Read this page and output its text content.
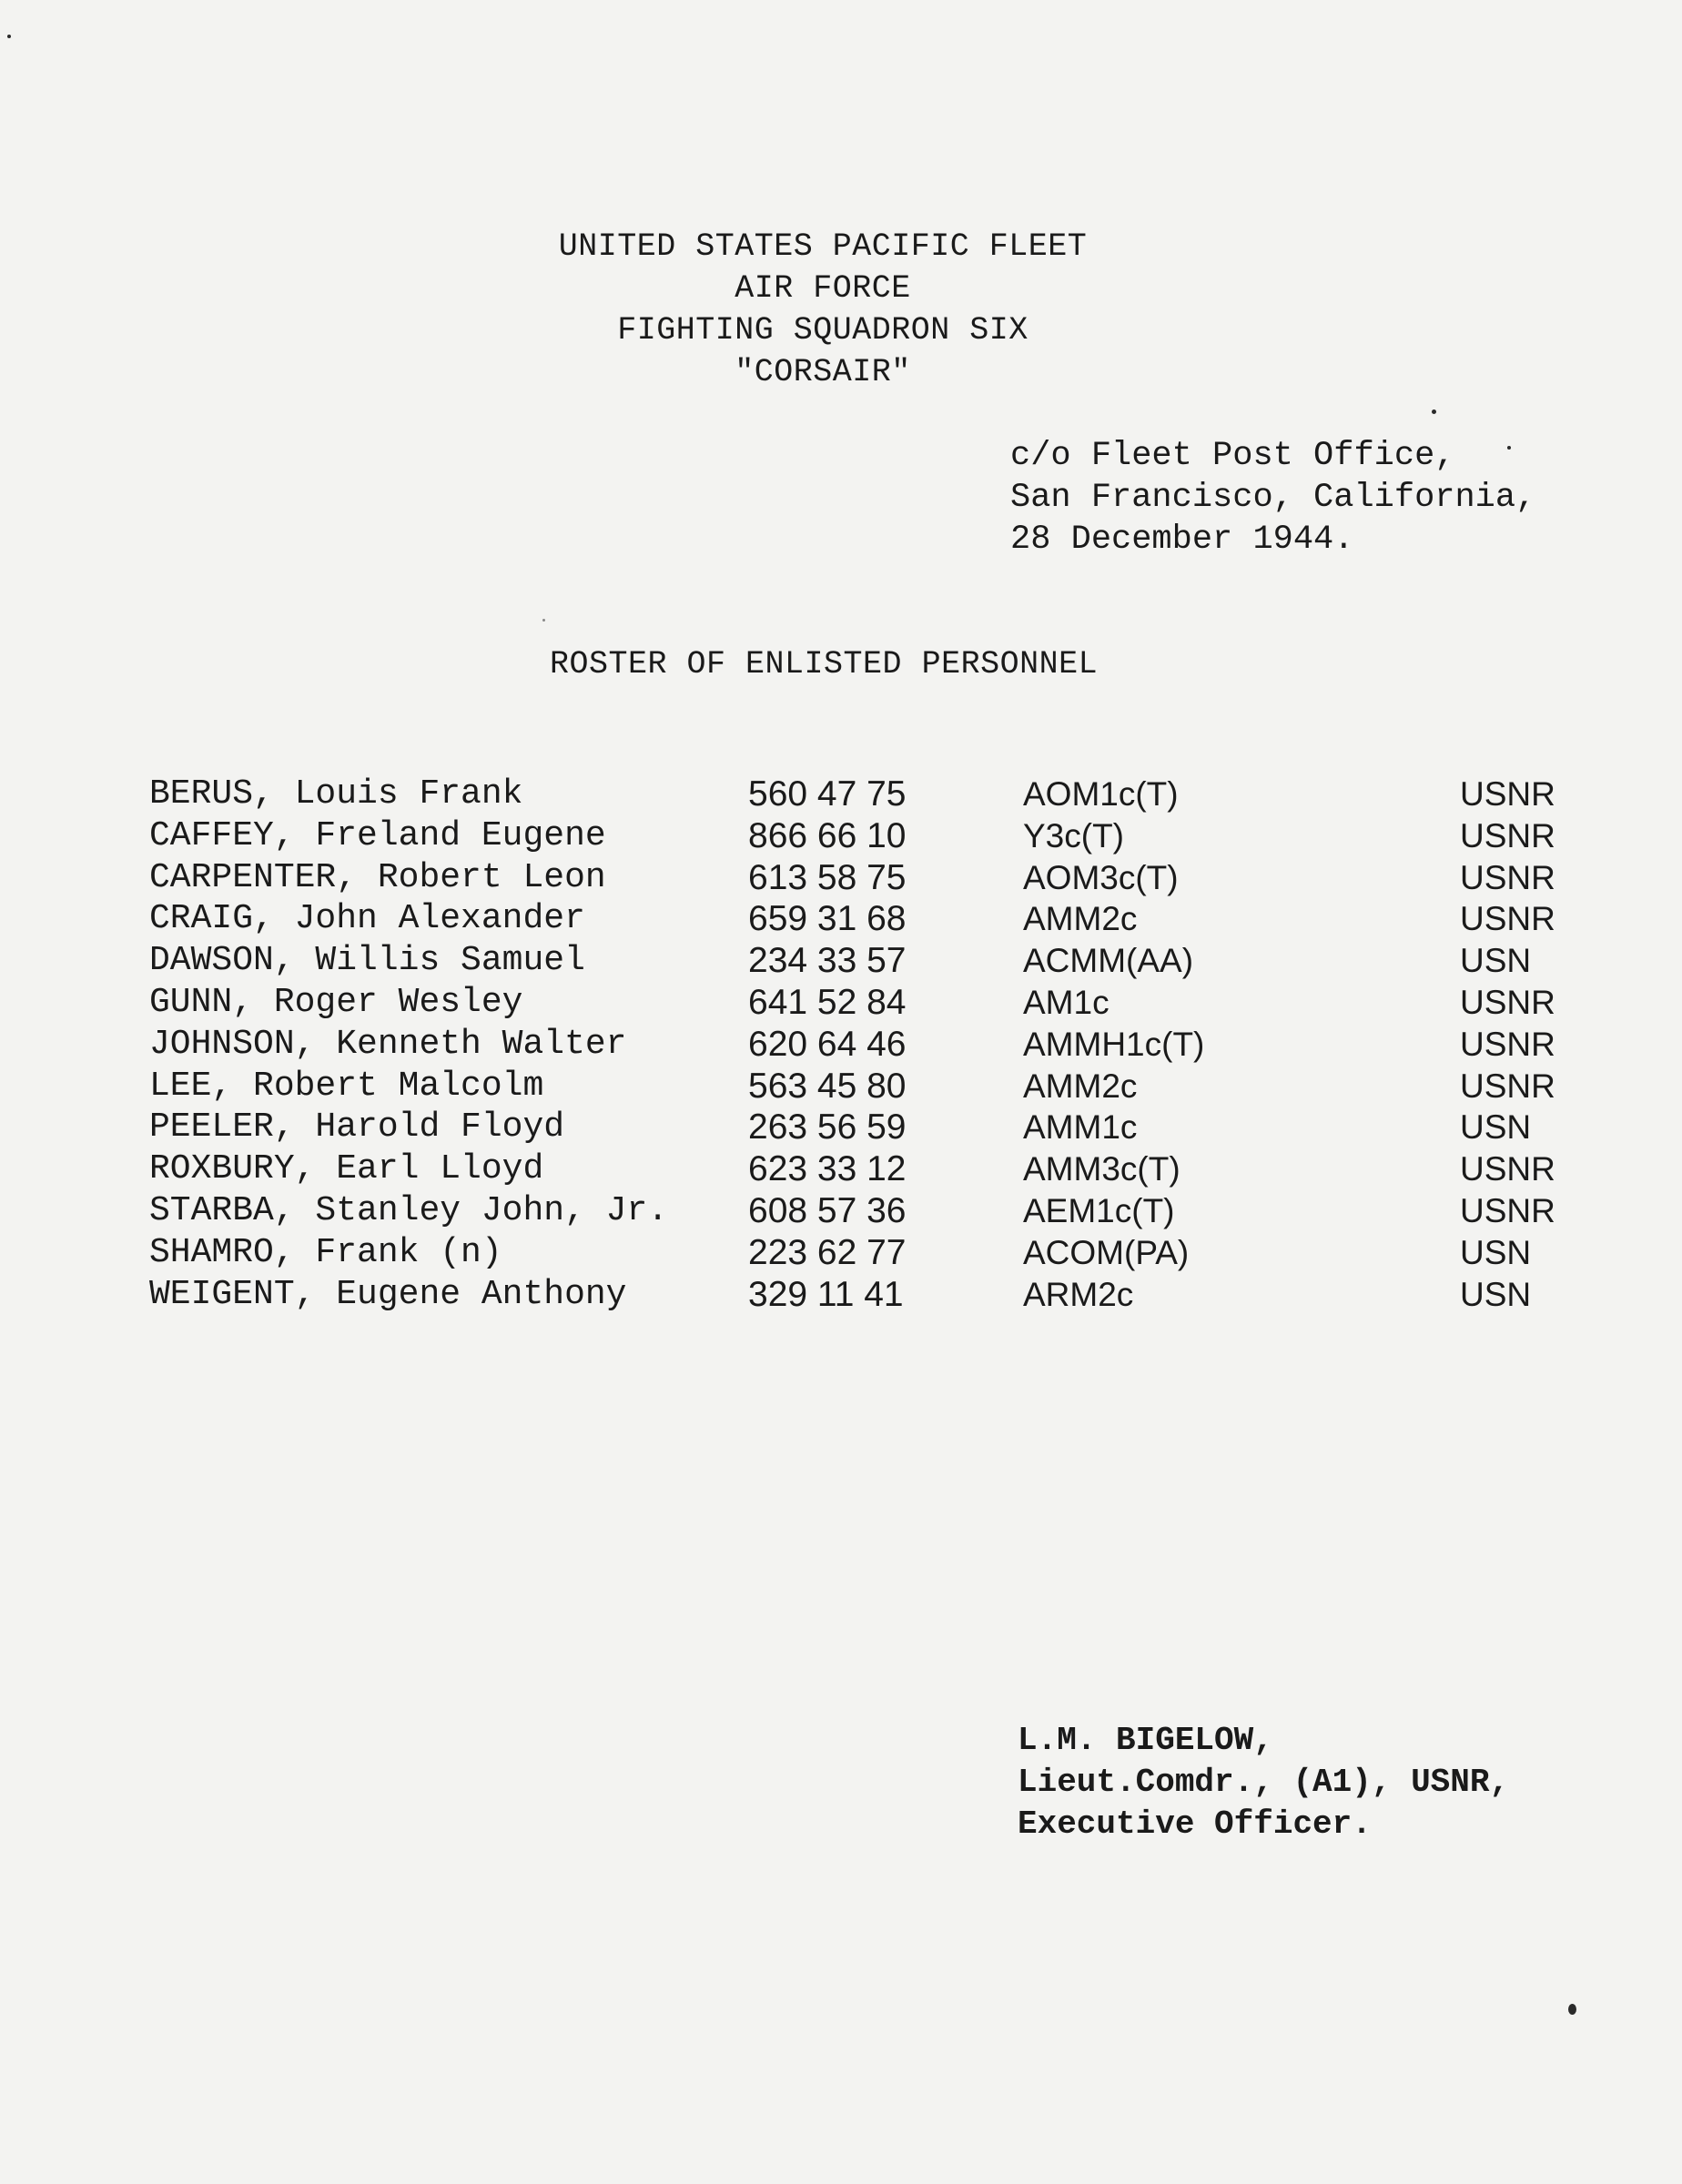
UNITED STATES PACIFIC FLEET
AIR FORCE
FIGHTING SQUADRON SIX
"CORSAIR"
c/o Fleet Post Office,
San Francisco, California,
28 December 1944.
ROSTER OF ENLISTED PERSONNEL
BERUS, Louis Frank	560 47 75	AOM1c(T)	USNR
CAFFEY, Freland Eugene	866 66 10	Y3c(T)	USNR
CARPENTER, Robert Leon	613 58 75	AOM3c(T)	USNR
CRAIG, John Alexander	659 31 68	AMM2c	USNR
DAWSON, Willis Samuel	234 33 57	ACMM(AA)	USN
GUNN, Roger Wesley	641 52 84	AM1c	USNR
JOHNSON, Kenneth Walter	620 64 46	AMMH1c(T)	USNR
LEE, Robert Malcolm	563 45 80	AMM2c	USNR
PEELER, Harold Floyd	263 56 59	AMM1c	USN
ROXBURY, Earl Lloyd	623 33 12	AMM3c(T)	USNR
STARBA, Stanley John, Jr. 608 57 36	AEM1c(T)	USNR
SHAMRO, Frank (n)	223 62 77	ACOM(PA)	USN
WEIGENT, Eugene Anthony	329 11 41	ARM2c	USN
L.M. BIGELOW,
Lieut.Comdr., (A1), USNR,
Executive Officer.
